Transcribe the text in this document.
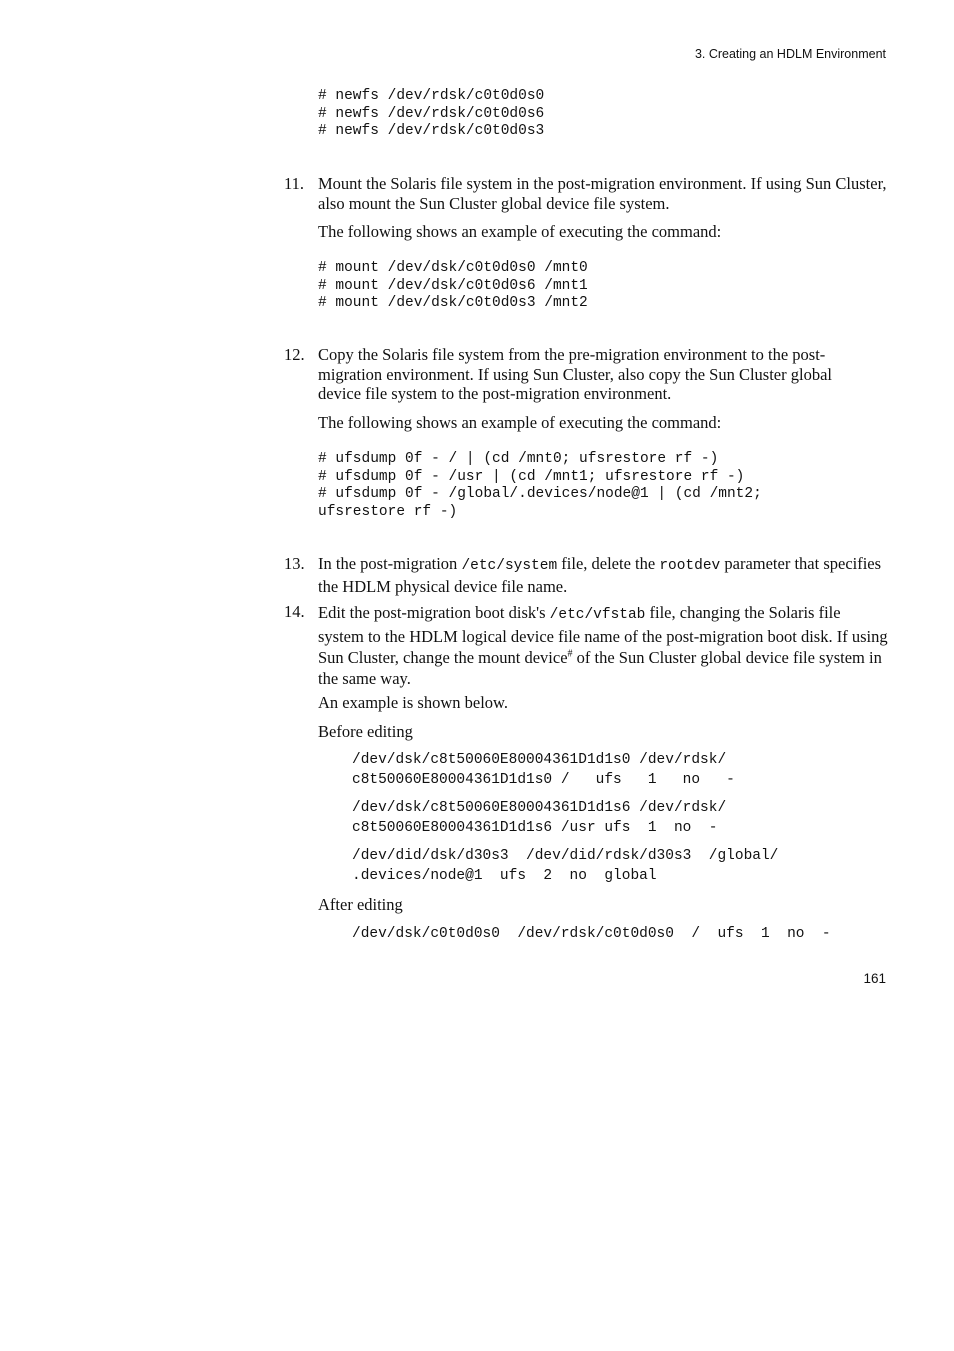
3. Creating an HDLM Environment
# newfs /dev/rdsk/c0t0d0s0
# newfs /dev/rdsk/c0t0d0s6
# newfs /dev/rdsk/c0t0d0s3
11. Mount the Solaris file system in the post-migration environment. If using Sun Cluster, also mount the Sun Cluster global device file system.
The following shows an example of executing the command:
# mount /dev/dsk/c0t0d0s0 /mnt0
# mount /dev/dsk/c0t0d0s6 /mnt1
# mount /dev/dsk/c0t0d0s3 /mnt2
12. Copy the Solaris file system from the pre-migration environment to the post-migration environment. If using Sun Cluster, also copy the Sun Cluster global device file system to the post-migration environment.
The following shows an example of executing the command:
# ufsdump 0f - / | (cd /mnt0; ufsrestore rf -)
# ufsdump 0f - /usr | (cd /mnt1; ufsrestore rf -)
# ufsdump 0f - /global/.devices/node@1 | (cd /mnt2;
ufsrestore rf -)
13. In the post-migration /etc/system file, delete the rootdev parameter that specifies the HDLM physical device file name.
14. Edit the post-migration boot disk's /etc/vfstab file, changing the Solaris file system to the HDLM logical device file name of the post-migration boot disk. If using Sun Cluster, change the mount device# of the Sun Cluster global device file system in the same way.
An example is shown below.
Before editing
/dev/dsk/c8t50060E80004361D1d1s0 /dev/rdsk/
c8t50060E80004361D1d1s0 /   ufs   1   no   -
/dev/dsk/c8t50060E80004361D1d1s6 /dev/rdsk/
c8t50060E80004361D1d1s6 /usr ufs  1  no  -
/dev/did/dsk/d30s3  /dev/did/rdsk/d30s3  /global/
.devices/node@1  ufs  2  no  global
After editing
/dev/dsk/c0t0d0s0  /dev/rdsk/c0t0d0s0  /  ufs  1  no  -
161
